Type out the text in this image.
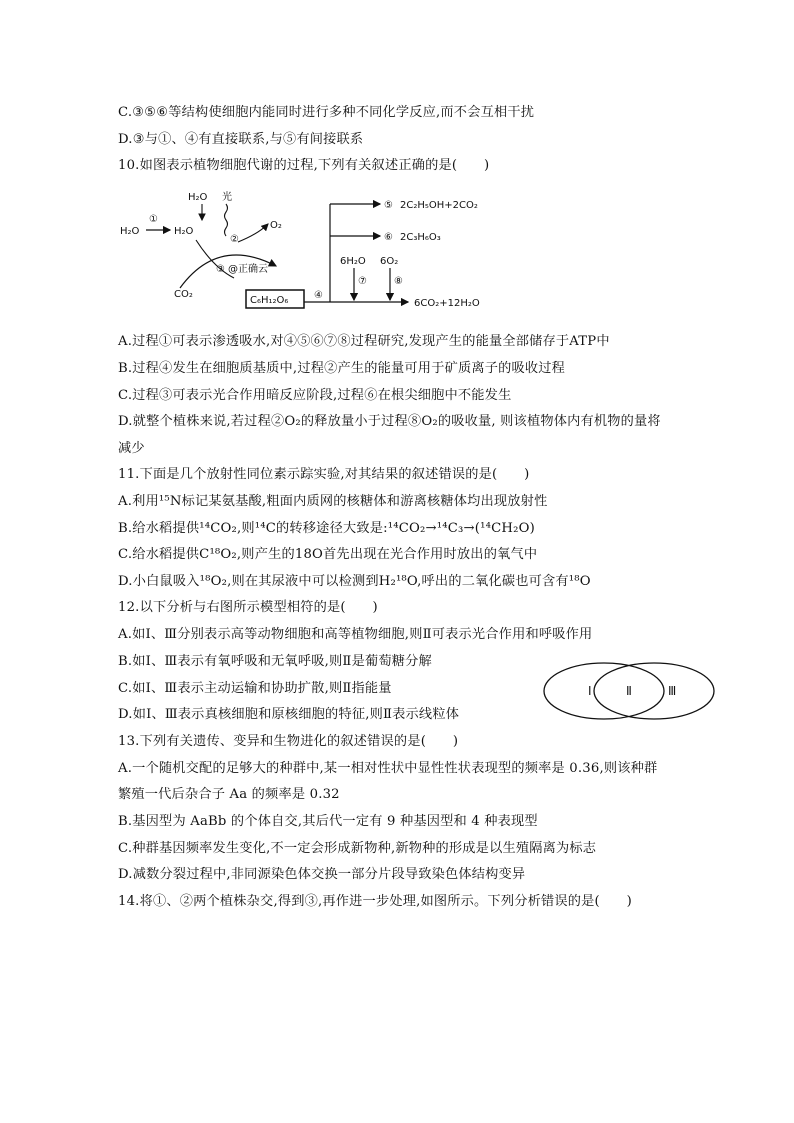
C.③⑤⑥等结构使细胞内能同时进行多种不同化学反应,而不会互相干扰
D.③与①、④有直接联系,与⑤有间接联系
10.如图表示植物细胞代谢的过程,下列有关叙述正确的是(　　)
H₂O
①
H₂O
H₂O 光
②
O₂
③ @正确云
CO₂
C₆H₁₂O₆	④
⑤ 2C₂H₅OH+2CO₂
⑥ 2C₃H₆O₃
6H₂O 6O₂
⑦	⑧
6CO₂+12H₂O
A.过程①可表示渗透吸水,对④⑤⑥⑦⑧过程研究,发现产生的能量全部储存于ATP中
B.过程④发生在细胞质基质中,过程②产生的能量可用于矿质离子的吸收过程
C.过程③可表示光合作用暗反应阶段,过程⑥在根尖细胞中不能发生
D.就整个植株来说,若过程②O₂的释放量小于过程⑧O₂的吸收量, 则该植物体内有机物的量将
减少
11.下面是几个放射性同位素示踪实验,对其结果的叙述错误的是(　　)
A.利用¹⁵N标记某氨基酸,粗面内质网的核糖体和游离核糖体均出现放射性
B.给水稻提供¹⁴CO₂,则¹⁴C的转移途径大致是:¹⁴CO₂→¹⁴C₃→(¹⁴CH₂O)
C.给水稻提供C¹⁸O₂,则产生的18O首先出现在光合作用时放出的氧气中
D.小白鼠吸入¹⁸O₂,则在其尿液中可以检测到H₂¹⁸O,呼出的二氧化碳也可含有¹⁸O
12.以下分析与右图所示模型相符的是(　　)
A.如Ⅰ、Ⅲ分别表示高等动物细胞和高等植物细胞,则Ⅱ可表示光合作用和呼吸作用
B.如Ⅰ、Ⅲ表示有氧呼吸和无氧呼吸,则Ⅱ是葡萄糖分解
C.如Ⅰ、Ⅲ表示主动运输和协助扩散,则Ⅱ指能量
D.如Ⅰ、Ⅲ表示真核细胞和原核细胞的特征,则Ⅱ表示线粒体
Ⅰ	Ⅱ	Ⅲ
13.下列有关遗传、变异和生物进化的叙述错误的是(　　)
A.一个随机交配的足够大的种群中,某一相对性状中显性性状表现型的频率是 0.36,则该种群
繁殖一代后杂合子 Aa 的频率是 0.32
B.基因型为 AaBb 的个体自交,其后代一定有 9 种基因型和 4 种表现型
C.种群基因频率发生变化,不一定会形成新物种,新物种的形成是以生殖隔离为标志
D.减数分裂过程中,非同源染色体交换一部分片段导致染色体结构变异
14.将①、②两个植株杂交,得到③,再作进一步处理,如图所示。下列分析错误的是(　　)
